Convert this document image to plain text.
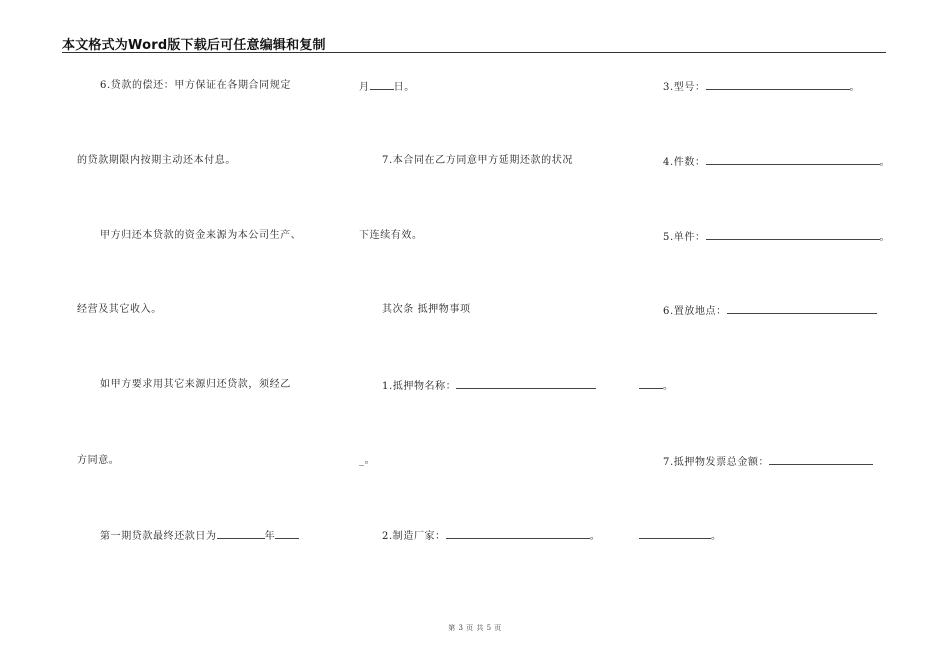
本文格式为Word版下载后可任意编辑和复制
6.贷款的偿还：甲方保证在各期合同规定
的贷款期限内按期主动还本付息。
甲方归还本贷款的资金来源为本公司生产、
经营及其它收入。
如甲方要求用其它来源归还贷款，须经乙
方同意。
第一期贷款最终还款日为	年
月 日。
7.本合同在乙方同意甲方延期还款的状况
下连续有效。
其次条 抵押物事项
1.抵押物名称：
_。
2.制造厂家：	。
3.型号：	。
4.件数：	。
5.单件：	。
6.置放地点：
。
7.抵押物发票总金额：
。
第 3 页 共 5 页
